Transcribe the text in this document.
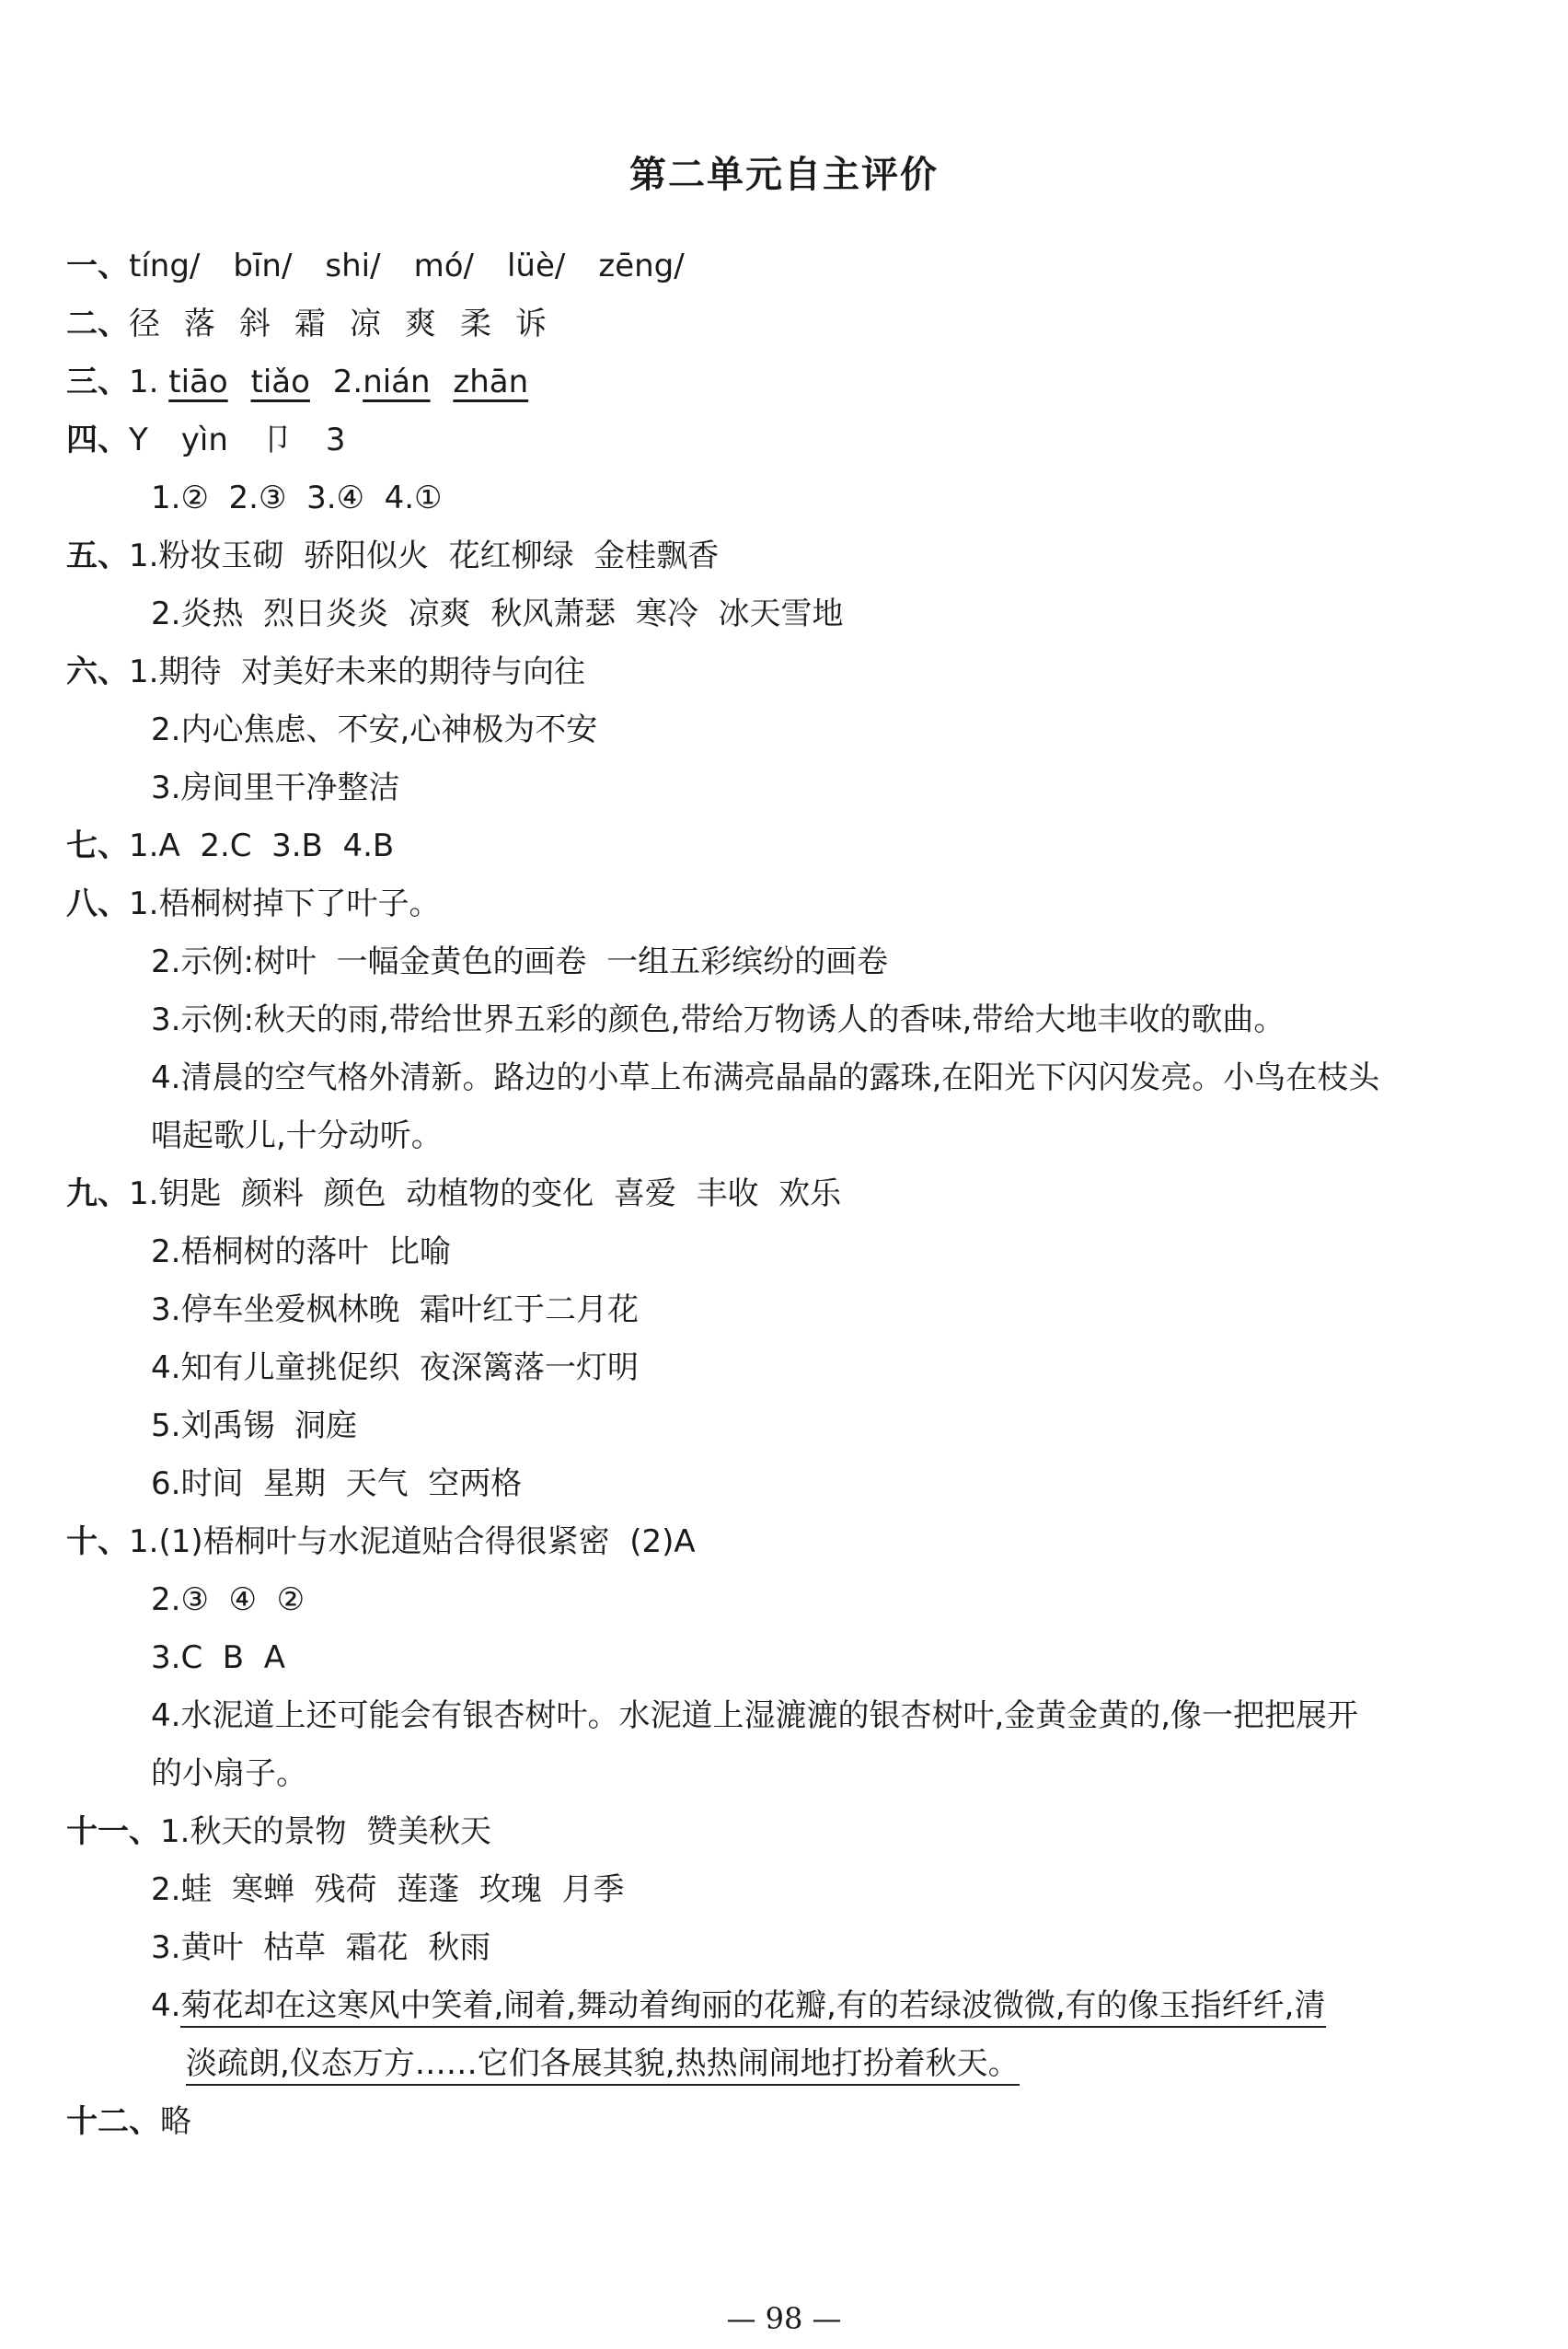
第二单元自主评价
一、tíng/ bīn/ shi/ mó/ lüè/ zēng/
二、径 落 斜 霜 凉 爽 柔 诉
三、1. tiāo tiǎo 2.nián zhān
四、Y yìn 卩 3
1.②  2.③  3.④  4.①
五、1.粉妆玉砌  骄阳似火  花红柳绿  金桂飘香
2.炎热  烈日炎炎  凉爽  秋风萧瑟  寒冷  冰天雪地
六、1.期待  对美好未来的期待与向往
2.内心焦虑、不安,心神极为不安
3.房间里干净整洁
七、1.A  2.C  3.B  4.B
八、1.梧桐树掉下了叶子。
2.示例:树叶  一幅金黄色的画卷  一组五彩缤纷的画卷
3.示例:秋天的雨,带给世界五彩的颜色,带给万物诱人的香味,带给大地丰收的歌曲。
4.清晨的空气格外清新。路边的小草上布满亮晶晶的露珠,在阳光下闪闪发亮。小鸟在枝头
唱起歌儿,十分动听。
九、1.钥匙  颜料  颜色  动植物的变化  喜爱  丰收  欢乐
2.梧桐树的落叶  比喻
3.停车坐爱枫林晚  霜叶红于二月花
4.知有儿童挑促织  夜深篱落一灯明
5.刘禹锡  洞庭
6.时间  星期  天气  空两格
十、1.(1)梧桐叶与水泥道贴合得很紧密  (2)A
2.③  ④  ②
3.C  B  A
4.水泥道上还可能会有银杏树叶。水泥道上湿漉漉的银杏树叶,金黄金黄的,像一把把展开
的小扇子。
十一、1.秋天的景物  赞美秋天
2.蛙  寒蝉  残荷  莲蓬  玫瑰  月季
3.黄叶  枯草  霜花  秋雨
4.菊花却在这寒风中笑着,闹着,舞动着绚丽的花瓣,有的若绿波微微,有的像玉指纤纤,清
淡疏朗,仪态万方……它们各展其貌,热热闹闹地打扮着秋天。
十二、略
— 98 —
